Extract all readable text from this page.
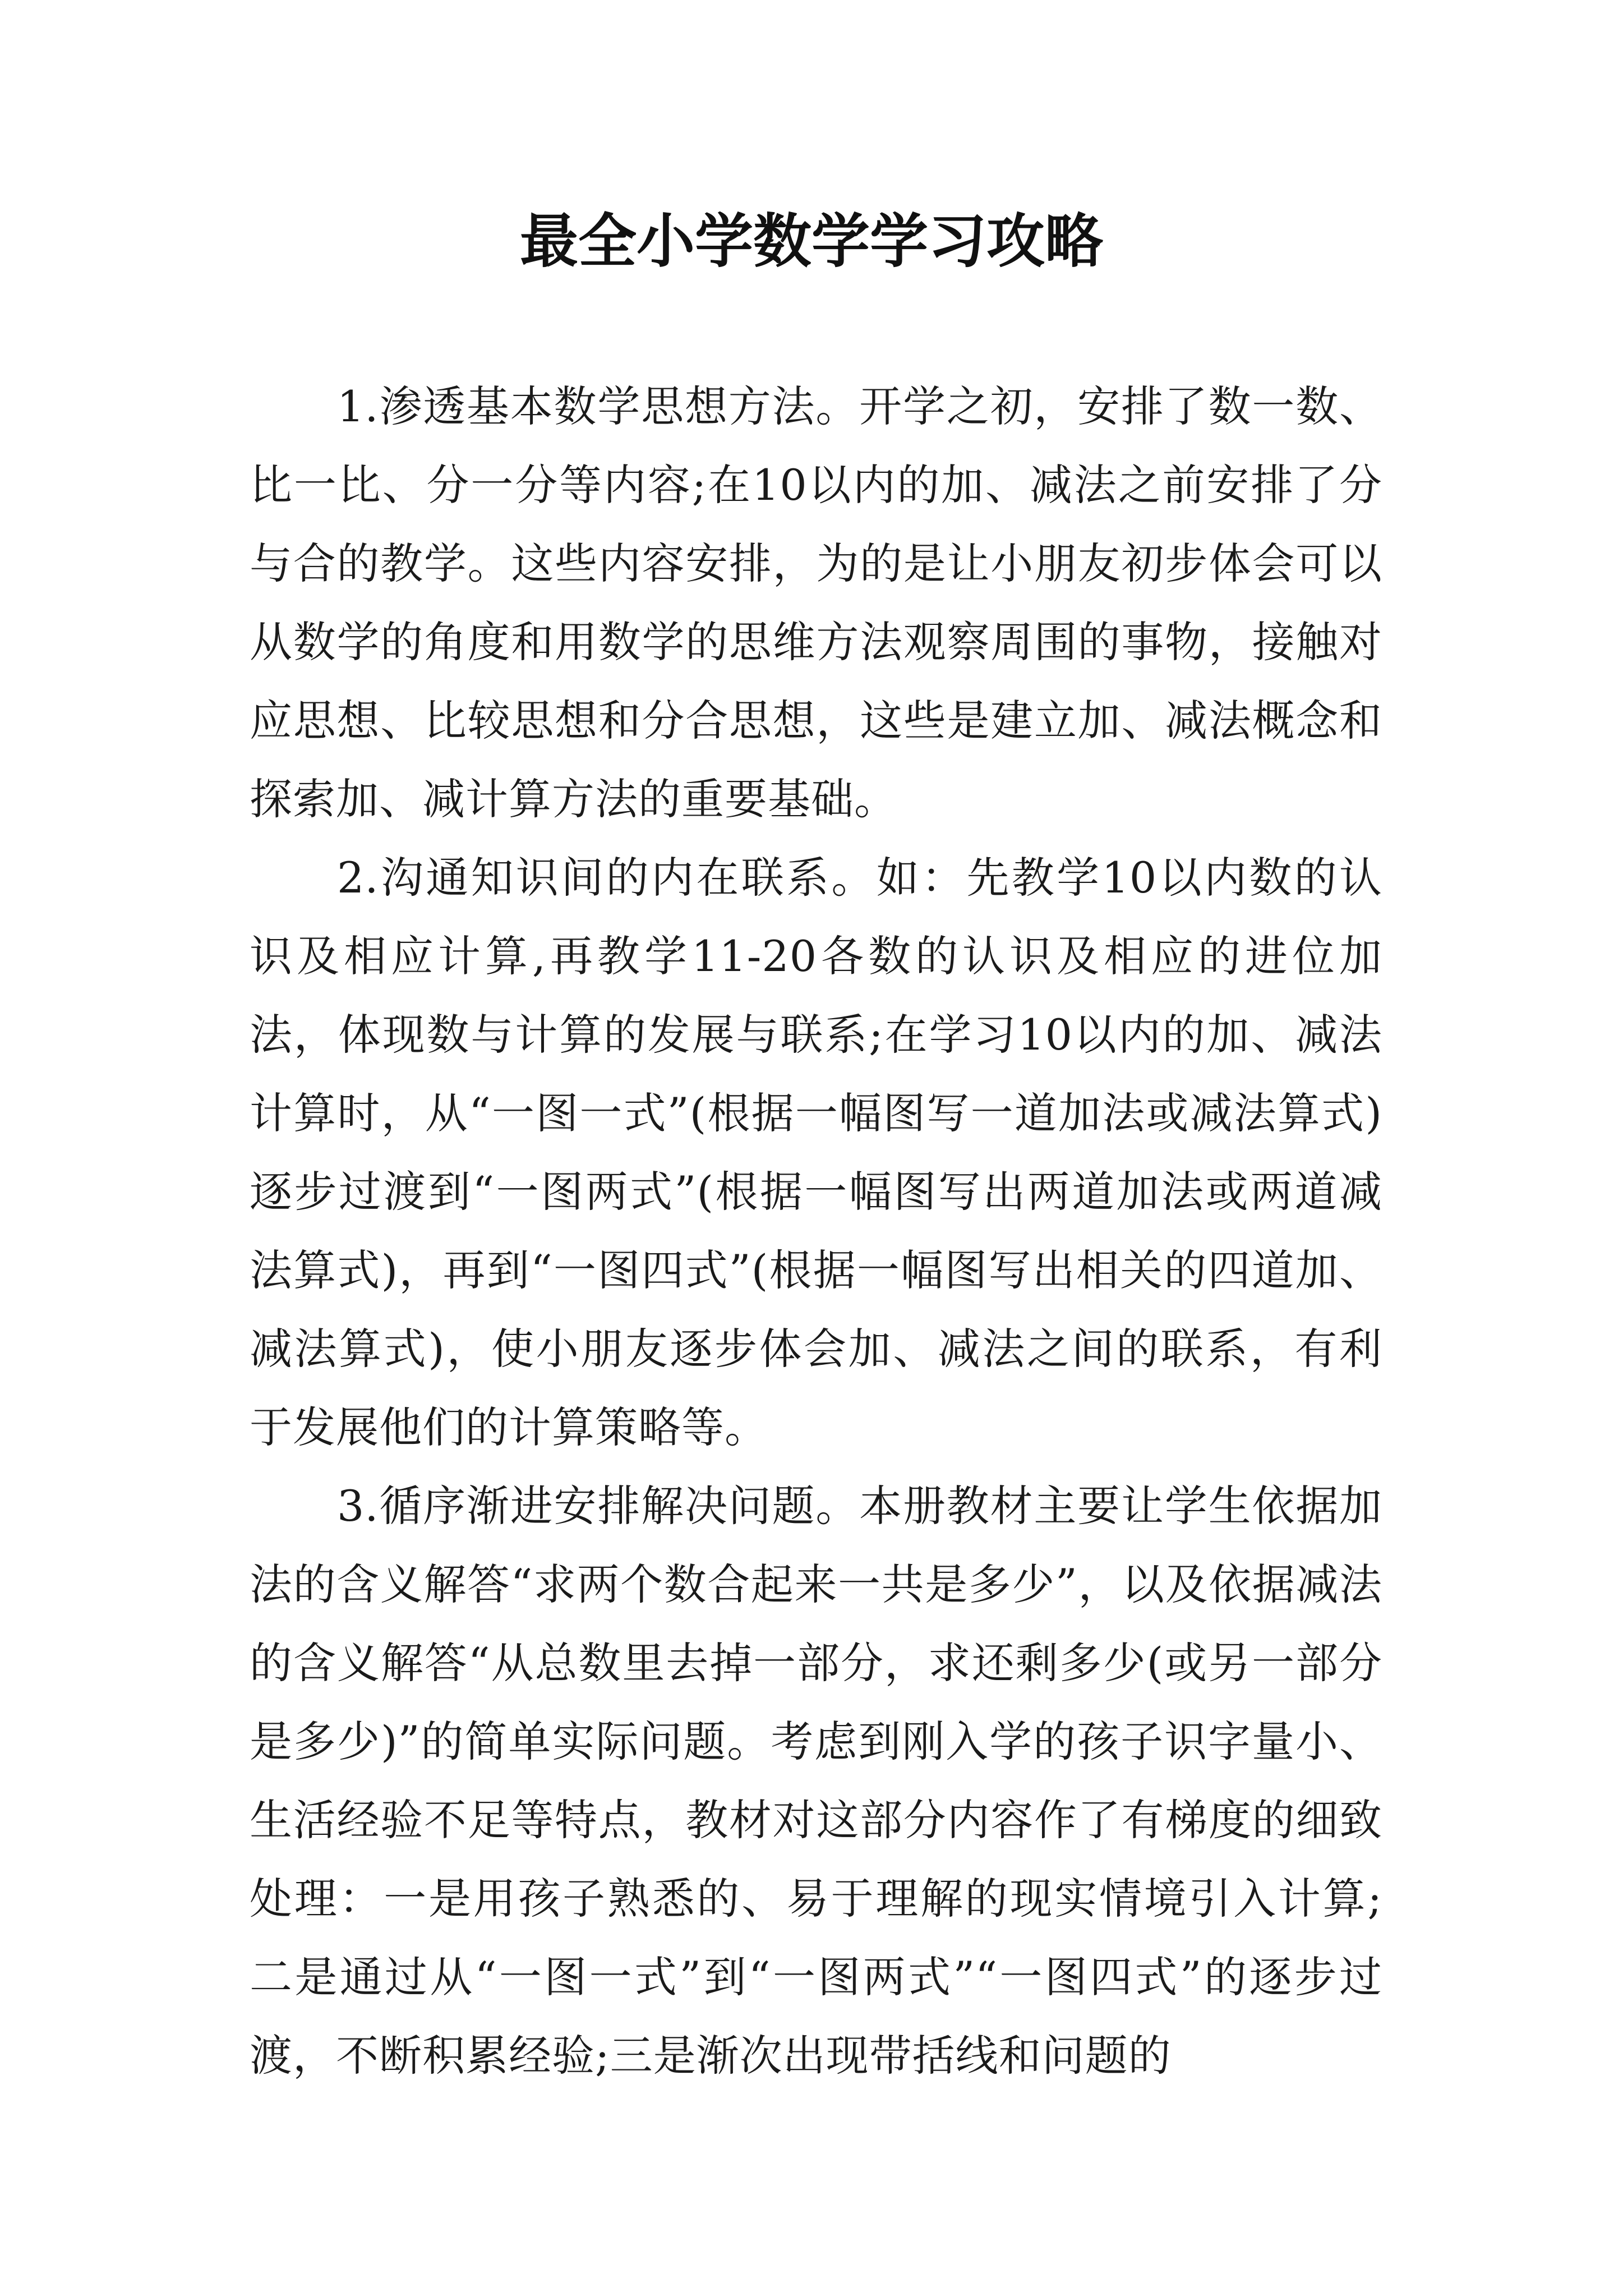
最全小学数学学习攻略

1.渗透基本数学思想方法。开学之初，安排了数一数、比一比、分一分等内容;在10以内的加、减法之前安排了分与合的教学。这些内容安排，为的是让小朋友初步体会可以从数学的角度和用数学的思维方法观察周围的事物，接触对应思想、比较思想和分合思想，这些是建立加、减法概念和探索加、减计算方法的重要基础。

2.沟通知识间的内在联系。如：先教学10以内数的认识及相应计算,再教学11-20各数的认识及相应的进位加法，体现数与计算的发展与联系;在学习10以内的加、减法计算时，从“一图一式”(根据一幅图写一道加法或减法算式)逐步过渡到“一图两式”(根据一幅图写出两道加法或两道减法算式)，再到“一图四式”(根据一幅图写出相关的四道加、减法算式)，使小朋友逐步体会加、减法之间的联系，有利于发展他们的计算策略等。

3.循序渐进安排解决问题。本册教材主要让学生依据加法的含义解答“求两个数合起来一共是多少”，以及依据减法的含义解答“从总数里去掉一部分，求还剩多少(或另一部分是多少)”的简单实际问题。考虑到刚入学的孩子识字量小、生活经验不足等特点，教材对这部分内容作了有梯度的细致处理：一是用孩子熟悉的、易于理解的现实情境引入计算;二是通过从“一图一式”到“一图两式”“一图四式”的逐步过渡，不断积累经验;三是渐次出现带括线和问题的
